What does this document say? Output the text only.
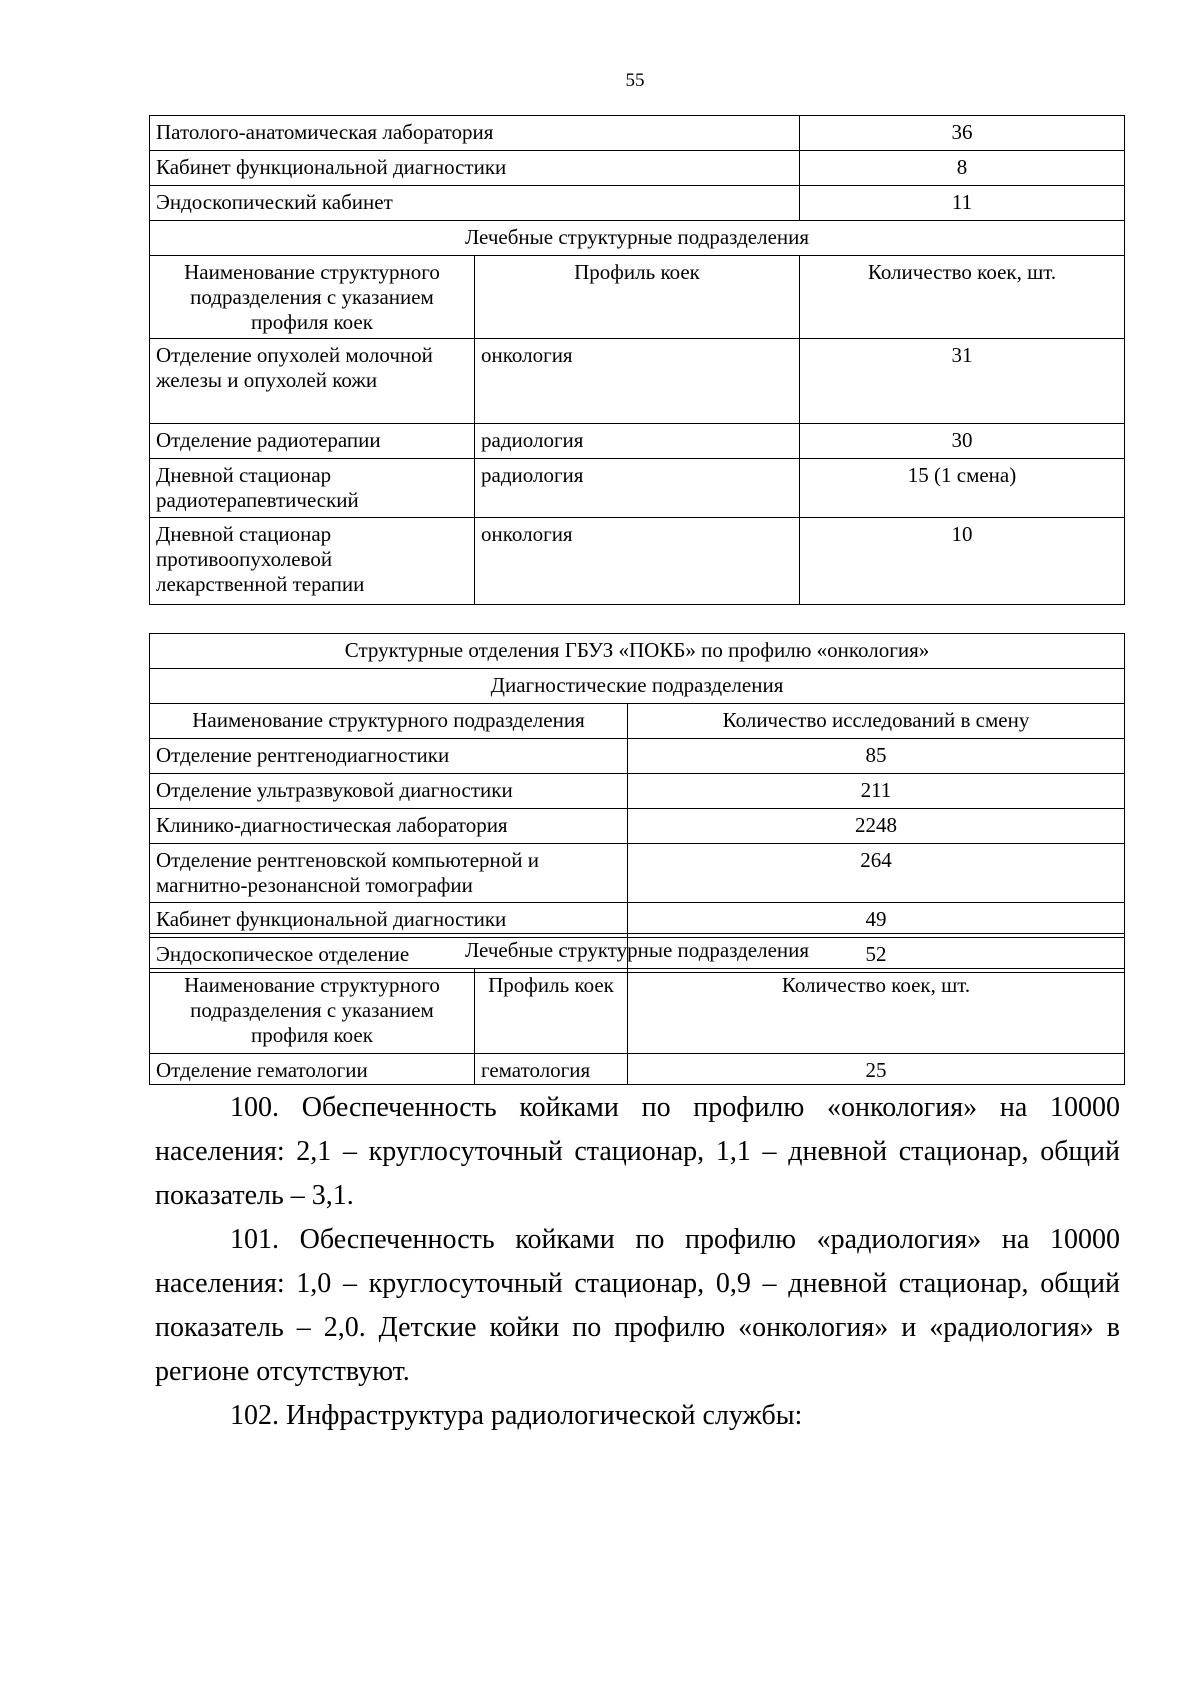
55
Патолого-анатомическая лаборатория		36
Кабинет функциональной диагностики		8
Эндоскопический кабинет		11
Лечебные структурные подразделения		
Наименование структурного подразделения с указанием профиля коек	Профиль коек	Количество коек, шт.
Отделение опухолей молочной железы и опухолей кожи	онкология	31
Отделение радиотерапии	радиология	30
Дневной стационар радиотерапевтический	радиология	15 (1 смена)
Дневной стационар противоопухолевой лекарственной терапии	онкология	10
Структурные отделения ГБУЗ «ПОКБ» по профилю «онкология»	
Диагностические подразделения	
Наименование структурного подразделения	Количество исследований в смену
Отделение рентгенодиагностики	85
Отделение ультразвуковой диагностики	211
Клинико-диагностическая лаборатория	2248
Отделение рентгеновской компьютерной и магнитно-резонансной томографии	264
Кабинет функциональной диагностики	49
Эндоскопическое отделение	52
Лечебные структурные подразделения		
Наименование структурного подразделения с указанием профиля коек	Профиль коек	Количество коек, шт.
Отделение гематологии	гематология	25

100. Обеспеченность койками по профилю «онкология» на 10000 населения: 2,1 – круглосуточный стационар, 1,1 – дневной стационар, общий показатель – 3,1.

101. Обеспеченность койками по профилю «радиология» на 10000 населения: 1,0 – круглосуточный стационар, 0,9 – дневной стационар, общий показатель – 2,0. Детские койки по профилю «онкология» и «радиология» в регионе отсутствуют.

102. Инфраструктура радиологической службы:
